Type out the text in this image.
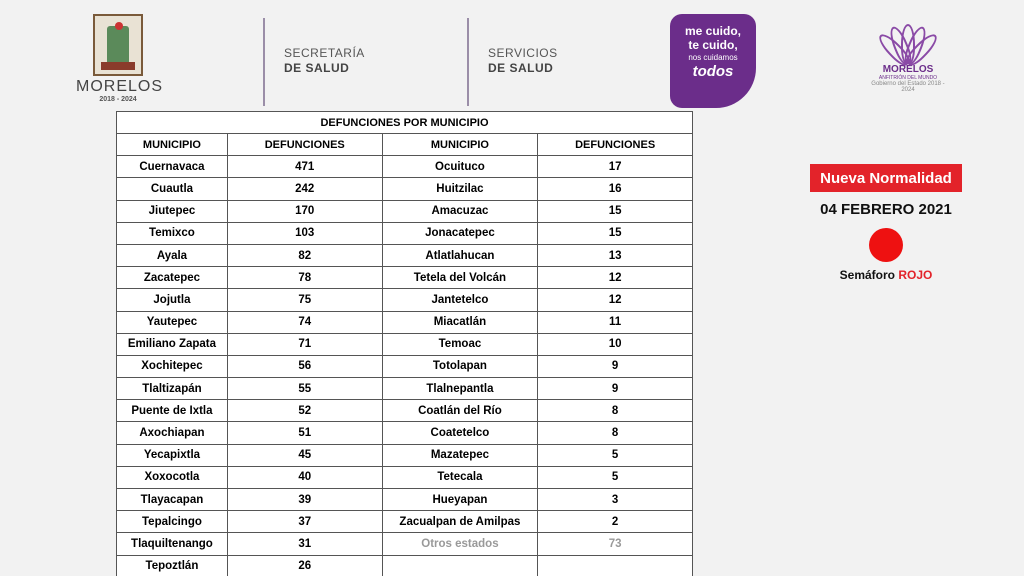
MORELOS
2018 - 2024
SECRETARÍA
DE SALUD
SERVICIOS
DE SALUD
me cuido,
te cuido,
nos cuidamos
todos	MORELOS
ANFITRIÓN DEL MUNDO
Gobierno del Estado 2018 - 2024
DEFUNCIONES POR MUNICIPIO			
MUNICIPIO	DEFUNCIONES	MUNICIPIO	DEFUNCIONES
Cuernavaca	471	Ocuituco	17
Cuautla	242	Huitzilac	16
Jiutepec	170	Amacuzac	15
Temixco	103	Jonacatepec	15
Ayala	82	Atlatlahucan	13
Zacatepec	78	Tetela del Volcán	12
Jojutla	75	Jantetelco	12
Yautepec	74	Miacatlán	11
Emiliano Zapata	71	Temoac	10
Xochitepec	56	Totolapan	9
Tlaltizapán	55	Tlalnepantla	9
Puente de Ixtla	52	Coatlán del Río	8
Axochiapan	51	Coatetelco	8
Yecapixtla	45	Mazatepec	5
Xoxocotla	40	Tetecala	5
Tlayacapan	39	Hueyapan	3
Tepalcingo	37	Zacualpan de Amilpas	2
Tlaquiltenango	31	Otros estados	73
Tepoztlán	26		
Nueva Normalidad
04 FEBRERO 2021
Semáforo ROJO
